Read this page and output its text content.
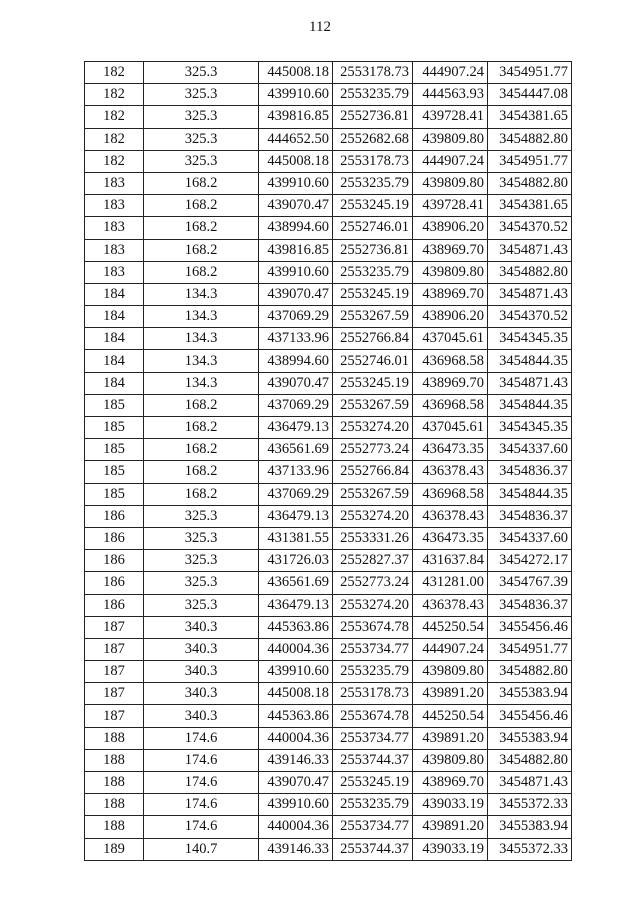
112
182	325.3	445008.18	2553178.73	444907.24	3454951.77
182	325.3	439910.60	2553235.79	444563.93	3454447.08
182	325.3	439816.85	2552736.81	439728.41	3454381.65
182	325.3	444652.50	2552682.68	439809.80	3454882.80
182	325.3	445008.18	2553178.73	444907.24	3454951.77
183	168.2	439910.60	2553235.79	439809.80	3454882.80
183	168.2	439070.47	2553245.19	439728.41	3454381.65
183	168.2	438994.60	2552746.01	438906.20	3454370.52
183	168.2	439816.85	2552736.81	438969.70	3454871.43
183	168.2	439910.60	2553235.79	439809.80	3454882.80
184	134.3	439070.47	2553245.19	438969.70	3454871.43
184	134.3	437069.29	2553267.59	438906.20	3454370.52
184	134.3	437133.96	2552766.84	437045.61	3454345.35
184	134.3	438994.60	2552746.01	436968.58	3454844.35
184	134.3	439070.47	2553245.19	438969.70	3454871.43
185	168.2	437069.29	2553267.59	436968.58	3454844.35
185	168.2	436479.13	2553274.20	437045.61	3454345.35
185	168.2	436561.69	2552773.24	436473.35	3454337.60
185	168.2	437133.96	2552766.84	436378.43	3454836.37
185	168.2	437069.29	2553267.59	436968.58	3454844.35
186	325.3	436479.13	2553274.20	436378.43	3454836.37
186	325.3	431381.55	2553331.26	436473.35	3454337.60
186	325.3	431726.03	2552827.37	431637.84	3454272.17
186	325.3	436561.69	2552773.24	431281.00	3454767.39
186	325.3	436479.13	2553274.20	436378.43	3454836.37
187	340.3	445363.86	2553674.78	445250.54	3455456.46
187	340.3	440004.36	2553734.77	444907.24	3454951.77
187	340.3	439910.60	2553235.79	439809.80	3454882.80
187	340.3	445008.18	2553178.73	439891.20	3455383.94
187	340.3	445363.86	2553674.78	445250.54	3455456.46
188	174.6	440004.36	2553734.77	439891.20	3455383.94
188	174.6	439146.33	2553744.37	439809.80	3454882.80
188	174.6	439070.47	2553245.19	438969.70	3454871.43
188	174.6	439910.60	2553235.79	439033.19	3455372.33
188	174.6	440004.36	2553734.77	439891.20	3455383.94
189	140.7	439146.33	2553744.37	439033.19	3455372.33
